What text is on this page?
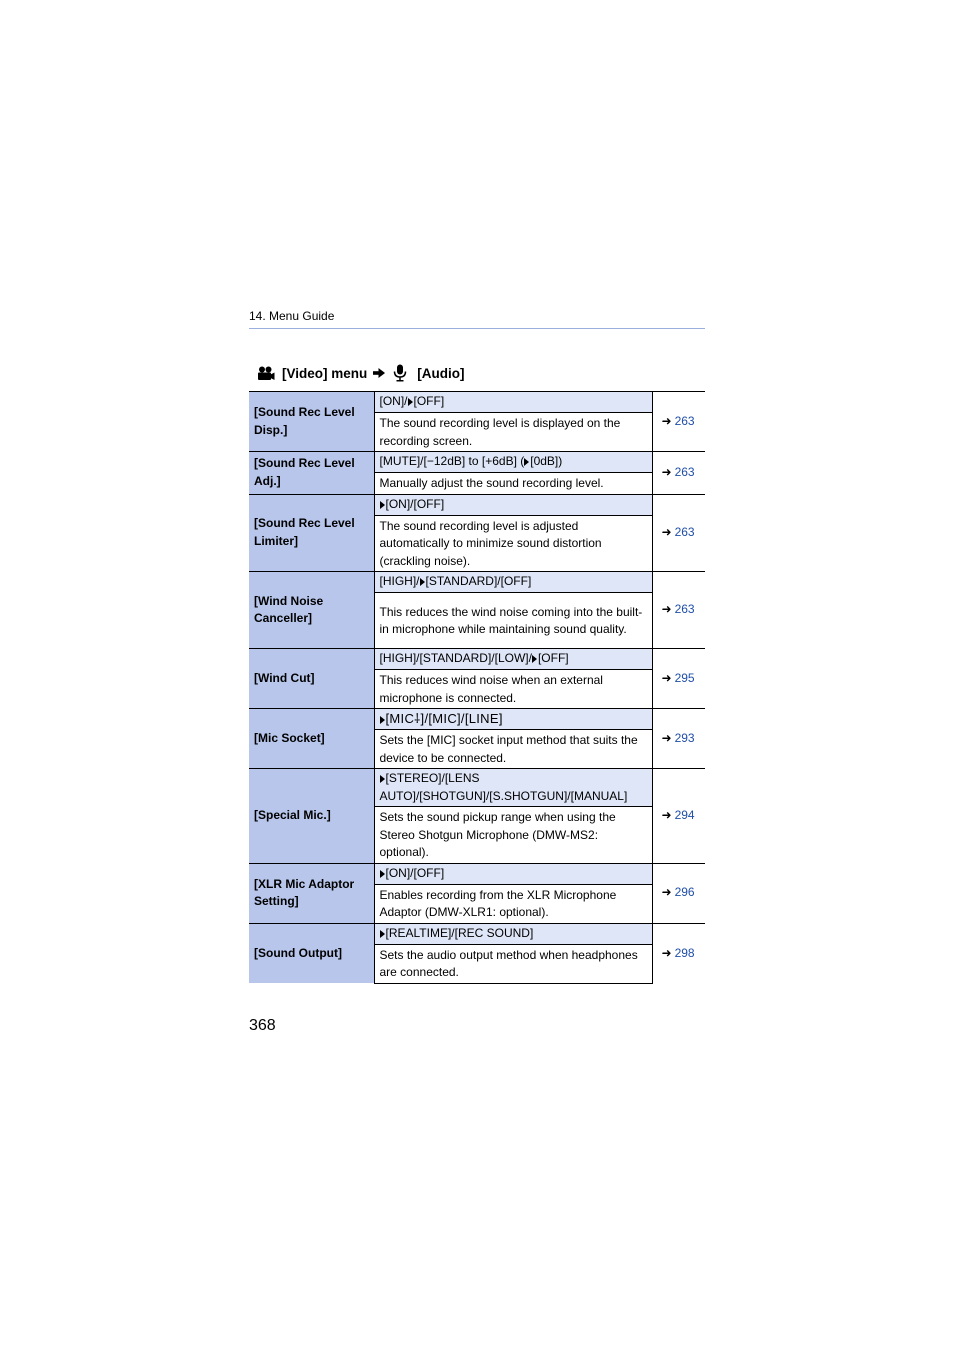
14. Menu Guide
[Video] menu	[Audio]
[Sound Rec Level Disp.]	[ON]/ [OFF]	➜ 263
	The sound recording level is displayed on the recording screen.	
[Sound Rec Level Adj.]	[MUTE]/[−12dB] to [+6dB] ( [0dB])	➜ 263
	Manually adjust the sound recording level.	
[Sound Rec Level Limiter]	[ON]/[OFF]	➜ 263
	The sound recording level is adjusted automatically to minimize sound distortion (crackling noise).	
[Wind Noise Canceller]	[HIGH]/ [STANDARD]/[OFF]	➜ 263
	This reduces the wind noise coming into the built-in microphone while maintaining sound quality.	
[Wind Cut]	[HIGH]/[STANDARD]/[LOW]/ [OFF]	➜ 295
	This reduces wind noise when an external microphone is connected.	
[Mic Socket]	[MIC⸸]/[MIC]/[LINE]	➜ 293
	Sets the [MIC] socket input method that suits the device to be connected.	
[Special Mic.]	[STEREO]/[LENS AUTO]/[SHOTGUN]/[S.SHOTGUN]/[MANUAL]	➜ 294
	Sets the sound pickup range when using the Stereo Shotgun Microphone (DMW-MS2: optional).	
[XLR Mic Adaptor Setting]	[ON]/[OFF]	➜ 296
	Enables recording from the XLR Microphone Adaptor (DMW-XLR1: optional).	
[Sound Output]	[REALTIME]/[REC SOUND]	➜ 298
	Sets the audio output method when headphones are connected.	
368
